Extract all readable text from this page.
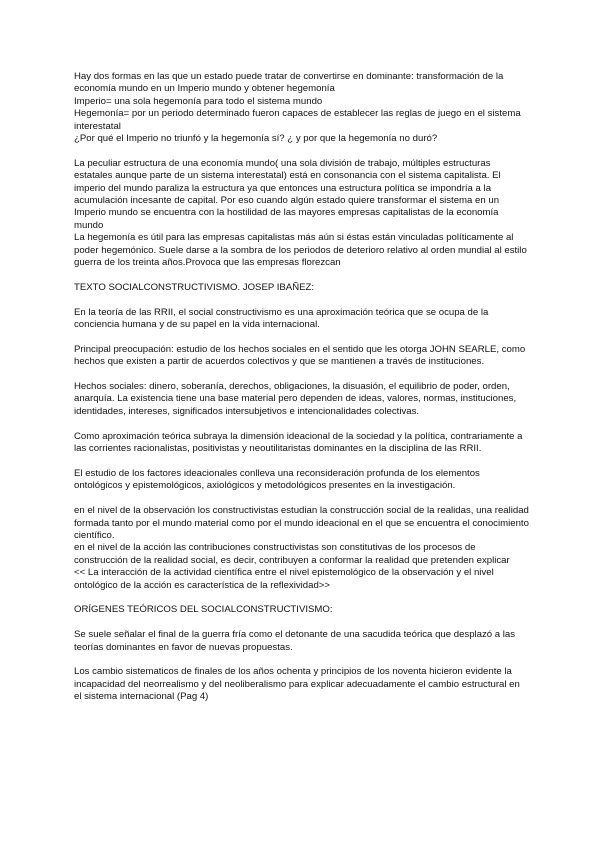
Hay dos formas en las que un estado puede tratar de convertirse en dominante: transformación de la economía mundo en un Imperio mundo y obtener hegemonía

Imperio= una sola hegemonía para todo el sistema mundo

Hegemonía= por un periodo determinado fueron capaces de establecer las reglas de juego en el sistema interestatal

¿Por qué el Imperio no triunfó y la hegemonía sí? ¿ y por que la hegemonía no duró?

La peculiar estructura de una economía mundo( una sola división de trabajo, múltiples estructuras estatales aunque parte de un sistema interestatal) está en consonancia con el sistema capitalista. El imperio del mundo paraliza la estructura ya que entonces una estructura política se impondría a la acumulación incesante de capital. Por eso cuando algún estado quiere transformar el sistema en un Imperio mundo se encuentra con la hostilidad de las mayores empresas capitalistas de la economía mundo

La hegemonía es útil para las empresas capitalistas más aún si éstas están vinculadas políticamente al poder hegemónico. Suele darse a la sombra de los periodos de deterioro relativo al orden mundial al estilo guerra de los treinta años.Provoca que las empresas florezcan

TEXTO SOCIALCONSTRUCTIVISMO. JOSEP IBAÑEZ:

En la teoría de las RRII, el social constructivismo es una aproximación teórica que se ocupa de la conciencia humana y de su papel en la vida internacional.

Principal preocupación: estudio de los hechos sociales en el sentido que les otorga JOHN SEARLE, como hechos que existen a partir de acuerdos colectivos y que se mantienen a través de instituciones.

Hechos sociales: dinero, soberanía, derechos, obligaciones, la disuasión, el equilibrio de poder, orden, anarquía. La existencia tiene una base material pero dependen de ideas, valores, normas, instituciones, identidades, intereses, significados intersubjetivos e intencionalidades colectivas.

Como aproximación teórica subraya la dimensión ideacional de la sociedad y la política, contrariamente a las corrientes racionalistas, positivistas y neoutilitaristas dominantes en la disciplina de las RRII.

El estudio de los factores ideacionales conlleva una reconsideración profunda de los elementos ontológicos y epistemológicos, axiológicos y metodológicos presentes en la investigación.

en el nivel de la observación los constructivistas estudian la construcción social de la realidas, una realidad formada tanto por el mundo material como por el mundo ideacional en el que se encuentra el conocimiento científico.

en el nivel de la acción las contribuciones constructivistas son constitutivas de los procesos de construcción de la realidad social, es decir, contribuyen a conformar la realidad que pretenden explicar

<< La interacción de la actividad científica entre el nivel epistemológico de la observación y el nivel ontológico de la acción es característica de la reflexividad>>

ORÍGENES TEÓRICOS DEL SOCIALCONSTRUCTIVISMO:

Se suele señalar el final de la guerra fría como el detonante de una sacudida teórica que desplazó a las teorías dominantes en favor de nuevas propuestas.

Los cambio sistematicos de finales de los años ochenta y principios de los noventa hicieron evidente la incapacidad del neorrealismo y del neoliberalismo para explicar adecuadamente el cambio estructural en el sistema internacional (Pag 4)
